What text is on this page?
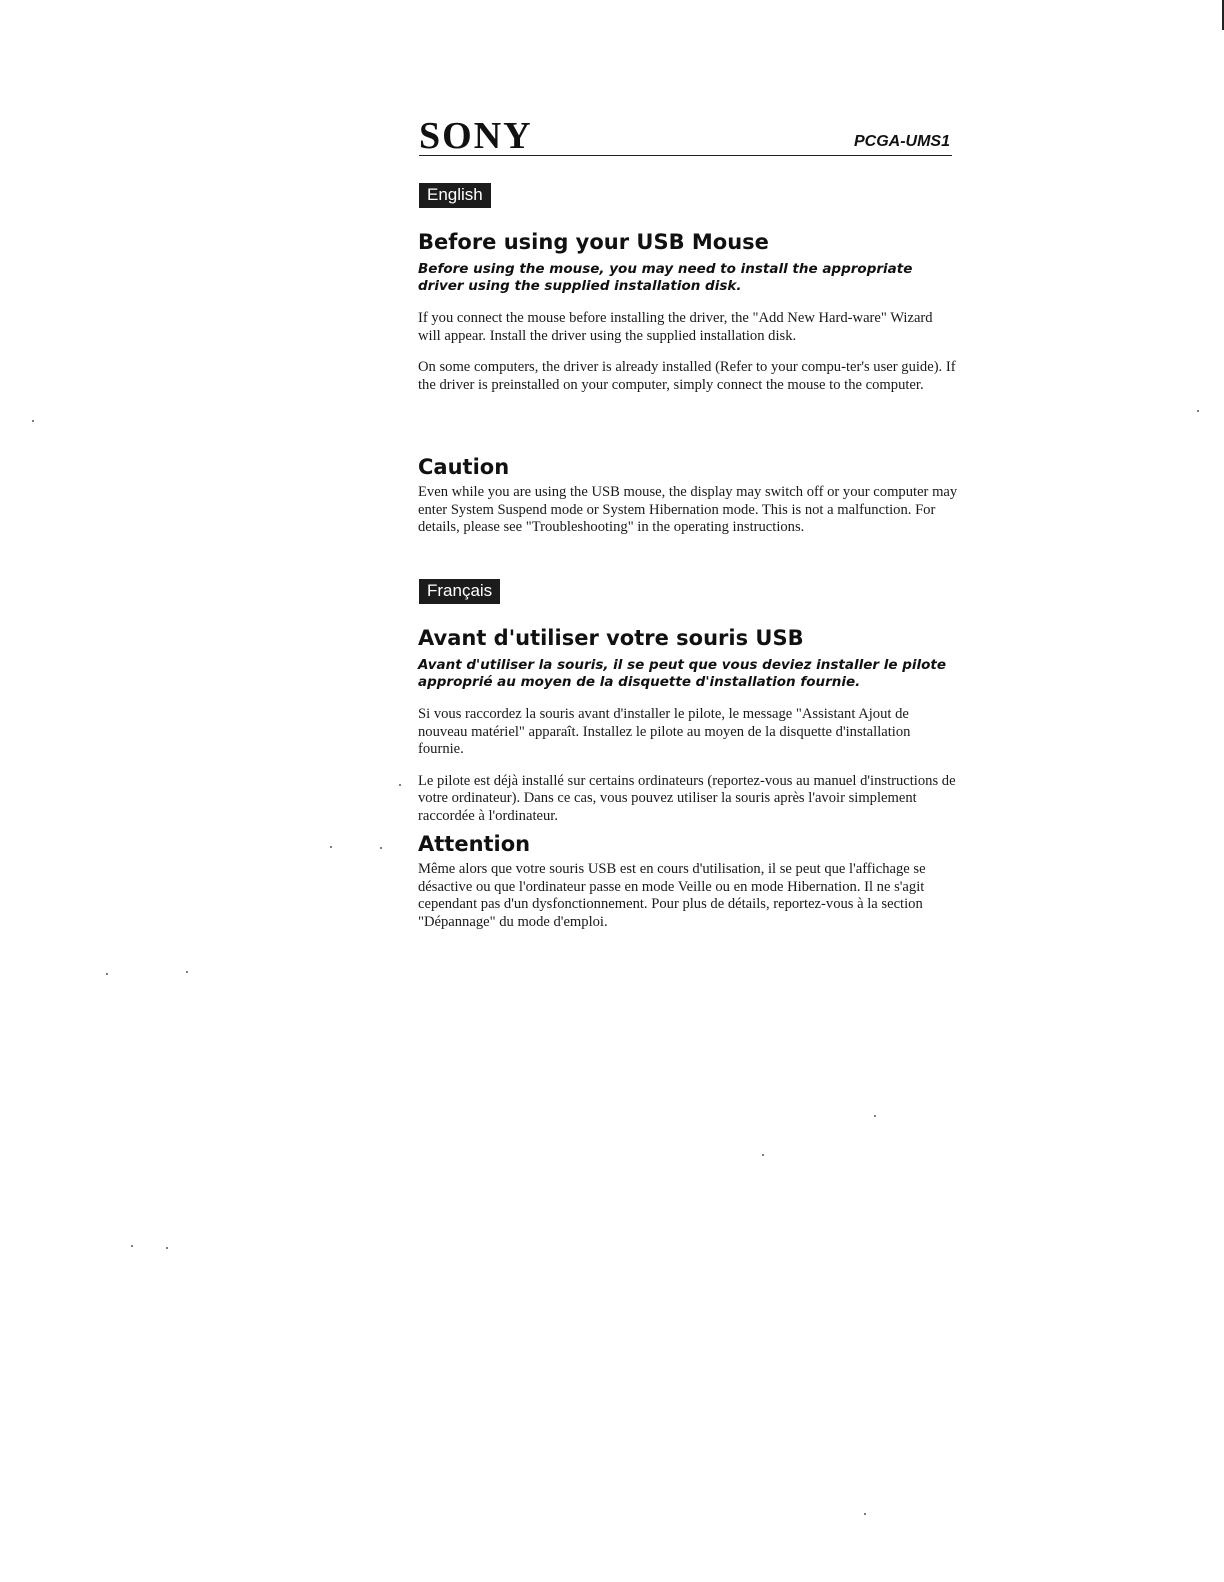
SONY	PCGA-UMS1
English
Before using your USB Mouse

Before using the mouse, you may need to install the appropriate driver using the supplied installation disk.

If you connect the mouse before installing the driver, the "Add New Hard-ware" Wizard will appear. Install the driver using the supplied installation disk.

On some computers, the driver is already installed (Refer to your compu-ter's user guide). If the driver is preinstalled on your computer, simply connect the mouse to the computer.

Caution

Even while you are using the USB mouse, the display may switch off or your computer may enter System Suspend mode or System Hibernation mode. This is not a malfunction. For details, please see "Troubleshooting" in the operating instructions.

Français
Avant d'utiliser votre souris USB

Avant d'utiliser la souris, il se peut que vous deviez installer le pilote approprié au moyen de la disquette d'installation fournie.

Si vous raccordez la souris avant d'installer le pilote, le message "Assistant Ajout de nouveau matériel" apparaît. Installez le pilote au moyen de la disquette d'installation fournie.

Le pilote est déjà installé sur certains ordinateurs (reportez-vous au manuel d'instructions de votre ordinateur). Dans ce cas, vous pouvez utiliser la souris après l'avoir simplement raccordée à l'ordinateur.

Attention

Même alors que votre souris USB est en cours d'utilisation, il se peut que l'affichage se désactive ou que l'ordinateur passe en mode Veille ou en mode Hibernation. Il ne s'agit cependant pas d'un dysfonctionnement. Pour plus de détails, reportez-vous à la section "Dépannage" du mode d'emploi.
